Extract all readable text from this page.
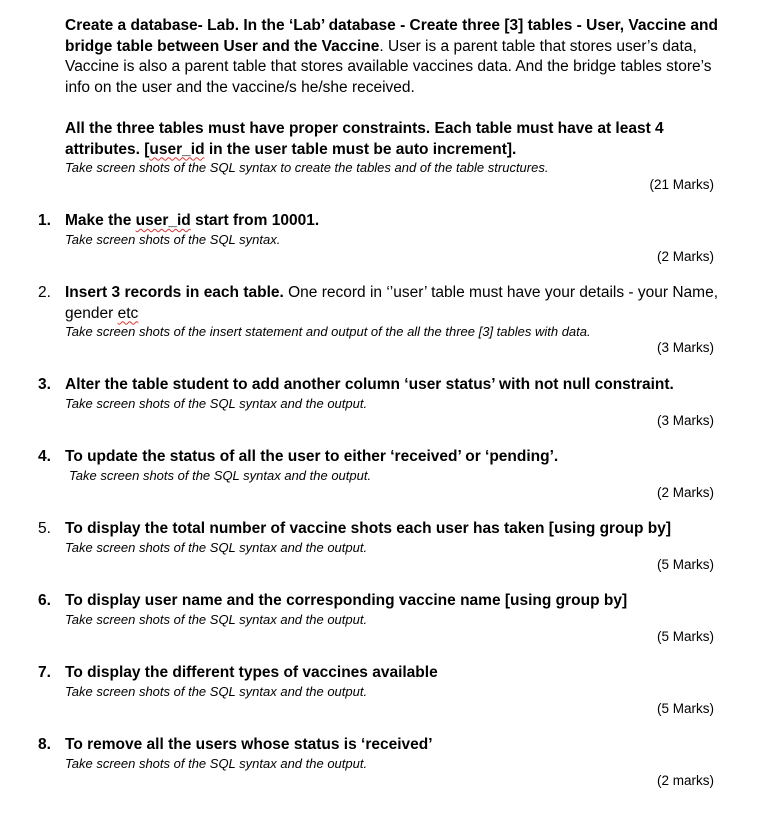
Create a database- Lab. In the ‘Lab’ database - Create three [3] tables - User, Vaccine and bridge table between User and the Vaccine. User is a parent table that stores user’s data, Vaccine is also a parent table that stores available vaccines data. And the bridge tables store’s info on the user and the vaccine/s he/she received.
All the three tables must have proper constraints. Each table must have at least 4 attributes. [user_id in the user table must be auto increment].
Take screen shots of the SQL syntax to create the tables and of the table structures.
(21 Marks)
1. Make the user_id start from 10001.
Take screen shots of the SQL syntax.
(2 Marks)
2. Insert 3 records in each table. One record in ‘’user’ table must have your details - your Name, gender etc
Take screen shots of the insert statement and output of the all the three [3] tables with data.
(3 Marks)
3. Alter the table student to add another column ‘user status’ with not null constraint.
Take screen shots of the SQL syntax and the output.
(3 Marks)
4. To update the status of all the user to either ‘received’ or ‘pending’.
Take screen shots of the SQL syntax and the output.
(2 Marks)
5. To display the total number of vaccine shots each user has taken [using group by]
Take screen shots of the SQL syntax and the output.
(5 Marks)
6. To display user name and the corresponding vaccine name [using group by]
Take screen shots of the SQL syntax and the output.
(5 Marks)
7. To display the different types of vaccines available
Take screen shots of the SQL syntax and the output.
(5 Marks)
8. To remove all the users whose status is ‘received’
Take screen shots of the SQL syntax and the output.
(2 marks)
